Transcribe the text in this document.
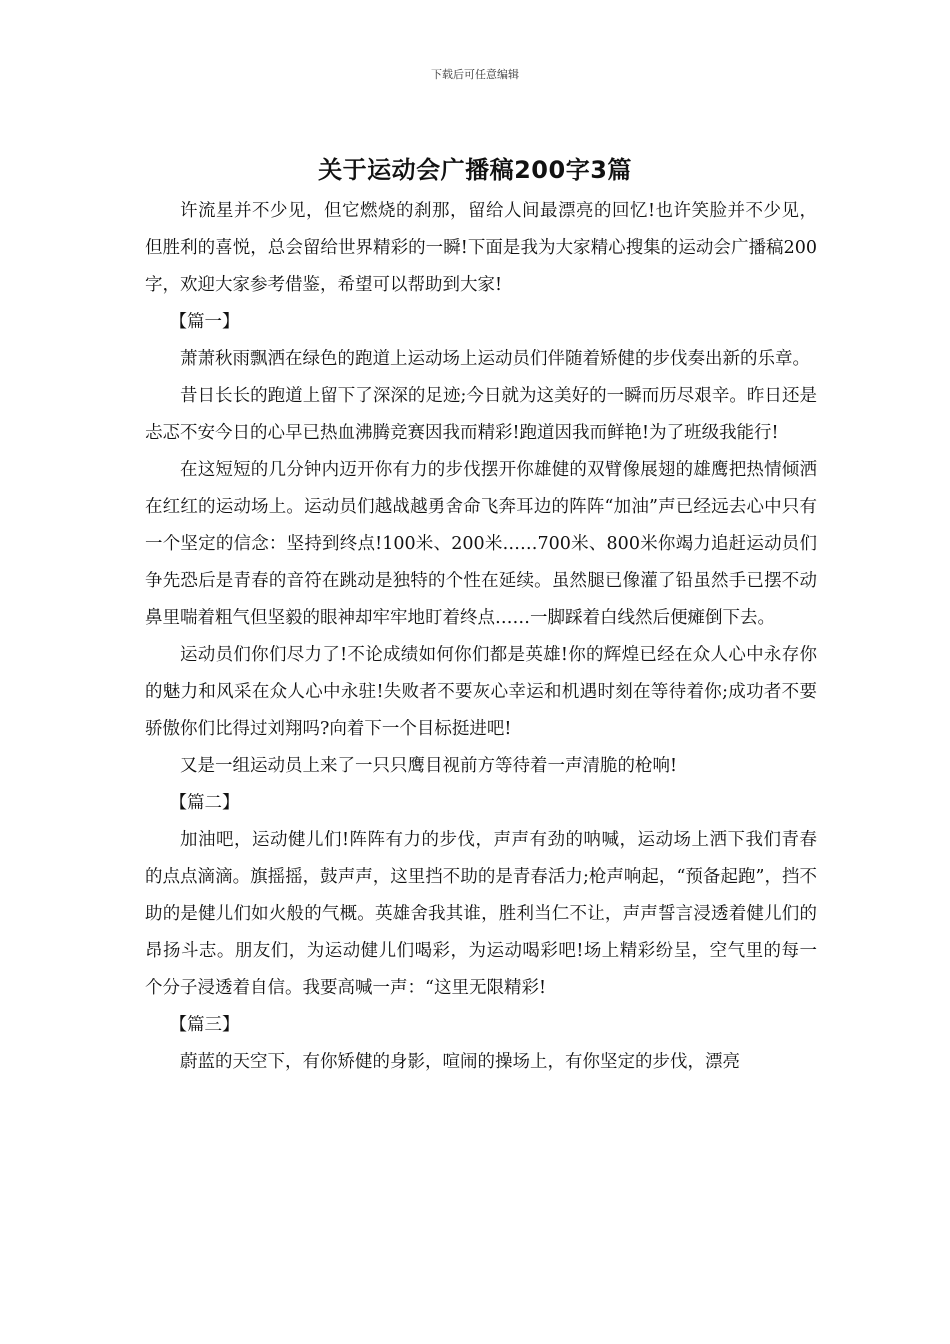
下载后可任意编辑
关于运动会广播稿200字3篇

许流星并不少见，但它燃烧的刹那，留给人间最漂亮的回忆!也许笑脸并不少见，但胜利的喜悦，总会留给世界精彩的一瞬!下面是我为大家精心搜集的运动会广播稿200字，欢迎大家参考借鉴，希望可以帮助到大家!

【篇一】

萧萧秋雨飘洒在绿色的跑道上运动场上运动员们伴随着矫健的步伐奏出新的乐章。

昔日长长的跑道上留下了深深的足迹;今日就为这美好的一瞬而历尽艰辛。昨日还是忐忑不安今日的心早已热血沸腾竞赛因我而精彩!跑道因我而鲜艳!为了班级我能行!

在这短短的几分钟内迈开你有力的步伐摆开你雄健的双臂像展翅的雄鹰把热情倾洒在红红的运动场上。运动员们越战越勇舍命飞奔耳边的阵阵“加油”声已经远去心中只有一个坚定的信念：坚持到终点!100米、200米……700米、800米你竭力追赶运动员们争先恐后是青春的音符在跳动是独特的个性在延续。虽然腿已像灌了铅虽然手已摆不动鼻里喘着粗气但坚毅的眼神却牢牢地盯着终点……一脚踩着白线然后便瘫倒下去。

运动员们你们尽力了!不论成绩如何你们都是英雄!你的辉煌已经在众人心中永存你的魅力和风采在众人心中永驻!失败者不要灰心幸运和机遇时刻在等待着你;成功者不要骄傲你们比得过刘翔吗?向着下一个目标挺进吧!

又是一组运动员上来了一只只鹰目视前方等待着一声清脆的枪响!

【篇二】

加油吧，运动健儿们!阵阵有力的步伐，声声有劲的呐喊，运动场上洒下我们青春的点点滴滴。旗摇摇，鼓声声，这里挡不助的是青春活力;枪声响起，“预备起跑”，挡不助的是健儿们如火般的气概。英雄舍我其谁，胜利当仁不让，声声誓言浸透着健儿们的昂扬斗志。朋友们，为运动健儿们喝彩，为运动喝彩吧!场上精彩纷呈，空气里的每一个分子浸透着自信。我要高喊一声：“这里无限精彩!

【篇三】

蔚蓝的天空下，有你矫健的身影，喧闹的操场上，有你坚定的步伐，漂亮
